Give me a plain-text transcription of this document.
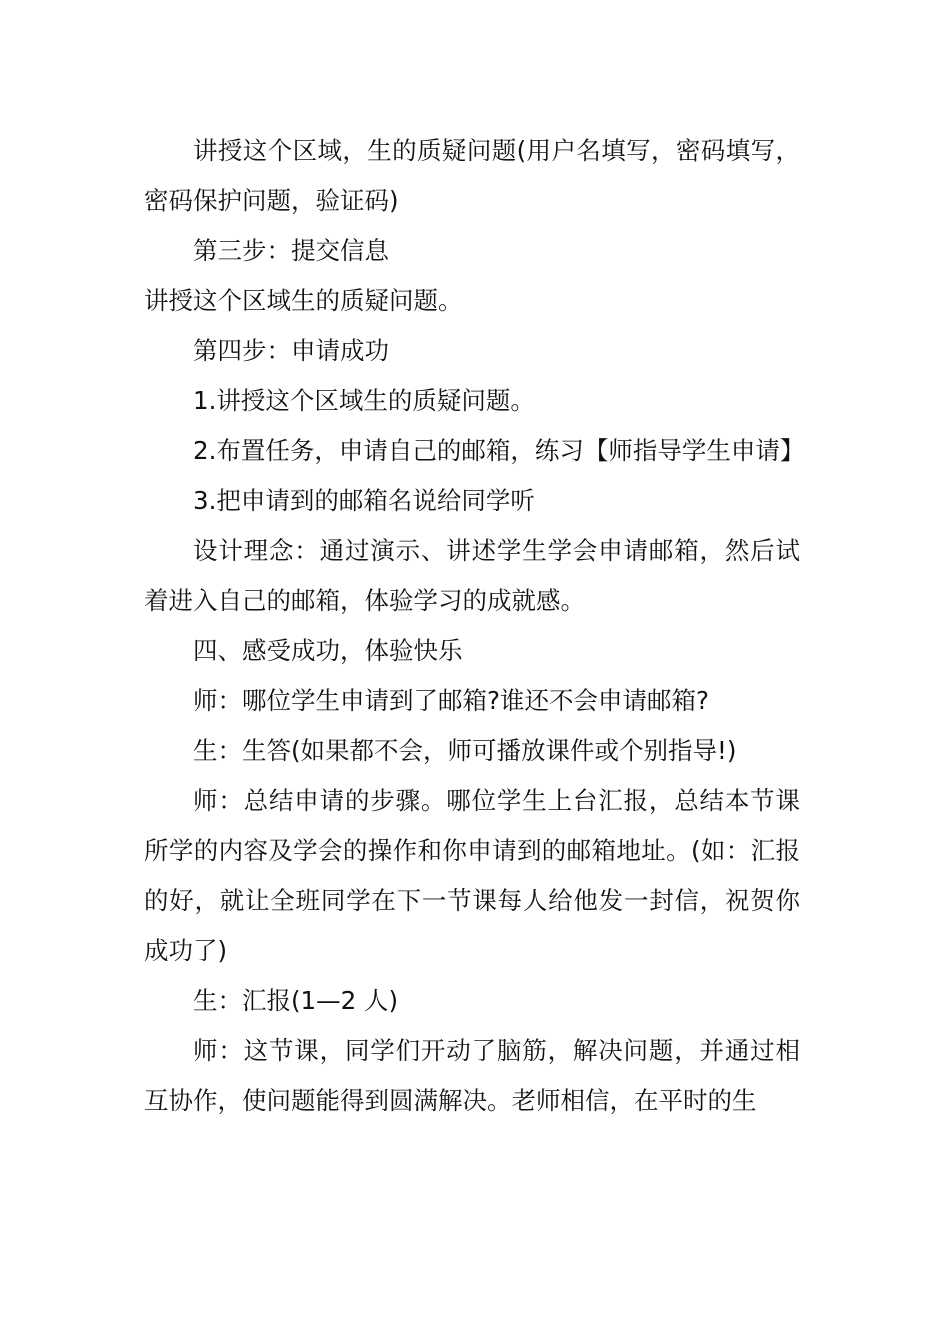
讲授这个区域，生的质疑问题(用户名填写，密码填写，密码保护问题，验证码)

第三步：提交信息

讲授这个区域生的质疑问题。

第四步：申请成功

1.讲授这个区域生的质疑问题。

2.布置任务，申请自己的邮箱，练习【师指导学生申请】

3.把申请到的邮箱名说给同学听

设计理念：通过演示、讲述学生学会申请邮箱，然后试着进入自己的邮箱，体验学习的成就感。

四、感受成功，体验快乐

师：哪位学生申请到了邮箱?谁还不会申请邮箱?

生：生答(如果都不会，师可播放课件或个别指导!)

师：总结申请的步骤。哪位学生上台汇报，总结本节课所学的内容及学会的操作和你申请到的邮箱地址。(如：汇报的好，就让全班同学在下一节课每人给他发一封信，祝贺你成功了)

生：汇报(1—2 人)

师：这节课，同学们开动了脑筋，解决问题，并通过相互协作，使问题能得到圆满解决。老师相信，在平时的生
